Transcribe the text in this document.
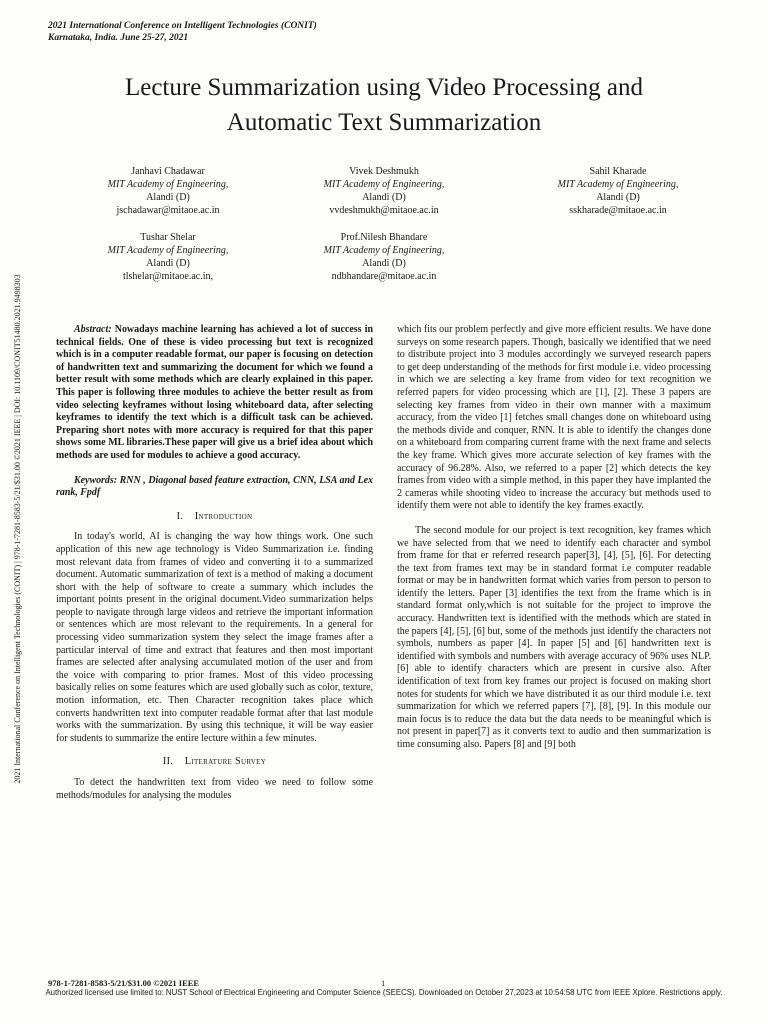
2021 International Conference on Intelligent Technologies (CONIT)
Karnataka, India. June 25-27, 2021
2021 International Conference on Intelligent Technologies (CONIT) | 978-1-7281-8583-5/21/$31.00 ©2021 IEEE | DOI: 10.1109/CONIT51480.2021.9498303
Lecture Summarization using Video Processing and
Automatic Text Summarization
Janhavi Chadawar
MIT Academy of Engineering,
Alandi (D)
jschadawar@mitaoe.ac.in
Vivek Deshmukh
MIT Academy of Engineering,
Alandi (D)
vvdeshmukh@mitaoe.ac.in
Sahil Kharade
MIT Academy of Engineering,
Alandi (D)
sskharade@mitaoe.ac.in
Tushar Shelar
MIT Academy of Engineering,
Alandi (D)
tlshelar@mitaoe.ac.in,
Prof.Nilesh Bhandare
MIT Academy of Engineering,
Alandi (D)
ndbhandare@mitaoe.ac.in

Abstract: Nowadays machine learning has achieved a lot of success in technical fields. One of these is video processing but text is recognized which is in a computer readable format, our paper is focusing on detection of handwritten text and summarizing the document for which we found a better result with some methods which are clearly explained in this paper. This paper is following three modules to achieve the better result as from video selecting keyframes without losing whiteboard data, after selecting keyframes to identify the text which is a difficult task can be achieved. Preparing short notes with more accuracy is required for that this paper shows some ML libraries.These paper will give us a brief idea about which methods are used for modules to achieve a good accuracy.

Keywords: RNN , Diagonal based feature extraction, CNN, LSA and Lex rank, Fpdf

I. Introduction

In today's world, AI is changing the way how things work. One such application of this new age technology is Video Summarization i.e. finding most relevant data from frames of video and converting it to a summarized document. Automatic summarization of text is a method of making a document short with the help of software to create a summary which includes the important points present in the original document.Video summarization helps people to navigate through large videos and retrieve the important information or sentences which are most relevant to the requirements. In a general for processing video summarization system they select the image frames after a particular interval of time and extract that features and then most important frames are selected after analysing accumulated motion of the user and from the voice with comparing to prior frames. Most of this video processing basically relies on some features which are used globally such as color, texture, motion information, etc. Then Character recognition takes place which converts handwritten text into computer readable format after that last module works with the summarization. By using this technique, it will be way easier for students to summarize the entire lecture within a few minutes.

II. Literature Survey

To detect the handwritten text from video we need to follow some methods/modules for analysing the modules

which fits our problem perfectly and give more efficient results. We have done surveys on some research papers. Though, basically we identified that we need to distribute project into 3 modules accordingly we surveyed research papers to get deep understanding of the methods for first module i.e. video processing in which we are selecting a key frame from video for text recognition we referred papers for video processing which are [1], [2]. These 3 papers are selecting key frames from video in their own manner with a maximum accuracy, from the video [1] fetches small changes done on whiteboard using the methods divide and conquer, RNN. It is able to identify the changes done on a whiteboard from comparing current frame with the next frame and selects the key frame. Which gives more accurate selection of key frames with the accuracy of 96.28%. Also, we referred to a paper [2] which detects the key frames from video with a simple method, in this paper they have implanted the 2 cameras while shooting video to increase the accuracy but methods used to identify them were not able to identify the key frames exactly.

The second module for our project is text recognition, key frames which we have selected from that we need to identify each character and symbol from frame for that er referred research paper[3], [4], [5], [6]. For detecting the text from frames text may be in standard format i.e computer readable format or may be in handwritten format which varies from person to person to identify the letters. Paper [3] identifies the text from the frame which is in standard format only,which is not suitable for the project to improve the accuracy. Handwritten text is identified with the methods which are stated in the papers [4], [5], [6] but, some of the methods just identify the characters not symbols, numbers as paper [4]. In paper [5] and [6] handwritten text is identified with symbols and numbers with average accuracy of 96% uses NLP. [6] able to identify characters which are present in cursive also. After identification of text from key frames our project is focused on making short notes for students for which we have distributed it as our third module i.e. text summarization for which we referred papers [7], [8], [9]. In this module our main focus is to reduce the data but the data needs to be meaningful which is not present in paper[7] as it converts text to audio and then summarization is time consuming also. Papers [8] and [9] both

978-1-7281-8583-5/21/$31.00 ©2021 IEEE	1
Authorized licensed use limited to: NUST School of Electrical Engineering and Computer Science (SEECS). Downloaded on October 27,2023 at 10:54:58 UTC from IEEE Xplore. Restrictions apply.
